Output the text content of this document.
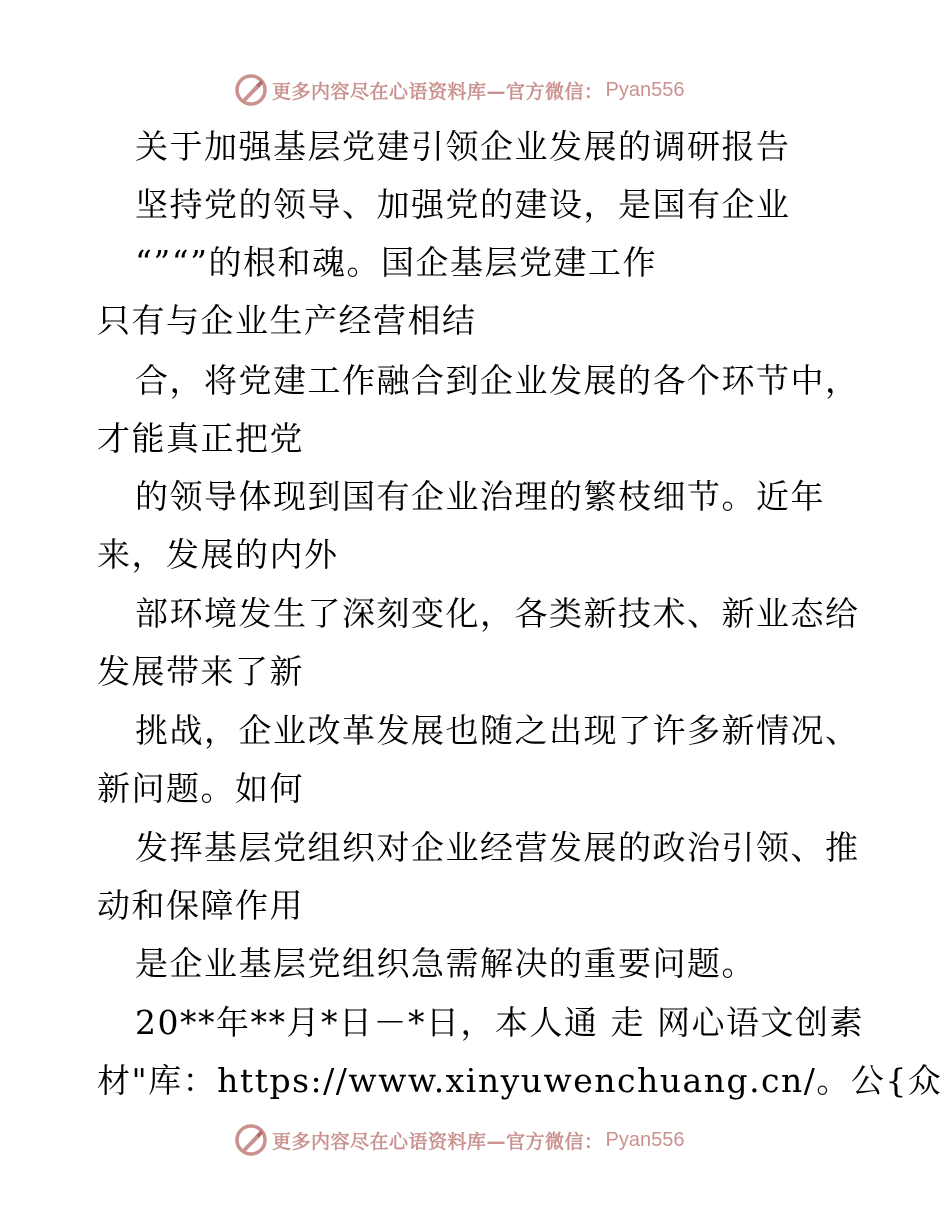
更多内容尽在心语资料库—官方微信： Pyan556
关于加强基层党建引领企业发展的调研报告
坚持党的领导、加强党的建设，是国有企业
“”“”的根和魂。国企基层党建工作
只有与企业生产经营相结
合，将党建工作融合到企业发展的各个环节中，
才能真正把党
的领导体现到国有企业治理的繁枝细节。近年
来，发展的内外
部环境发生了深刻变化，各类新技术、新业态给
发展带来了新
挑战，企业改革发展也随之出现了许多新情况、
新问题。如何
发挥基层党组织对企业经营发展的政治引领、推
动和保障作用
是企业基层党组织急需解决的重要问题。
20**年**月*日－*日，本人通 走 网心语文创素
材"库：https://www.xinyuwenchuang.cn/。公{众
更多内容尽在心语资料库—官方微信： Pyan556
